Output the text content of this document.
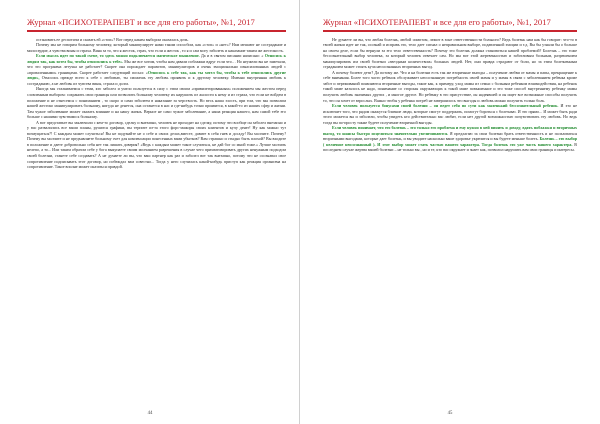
Журнал «ПСИХОТЕРАПЕВТ и все для его работы», №1, 2017

остановить ее деспотизм и сказать ей «стоп»? Вот перед каким выбором оказалась дочь.

Почему мы не говорим больному человеку, который манипулирует нами таким способом, как «стоп» и «нет»? Нам мешают не сострадание и милосердие, а чувства вины и страха. Вина за то, что я жесток, страх, что если я жесток , то я и сам могу заболеть и наказание таким же жестокость.

Если мысль идет по такой схеме, то здесь можно подключается магическое мышление. Да и в святом писании написано: « Относись к людям так, как хотел бы, чтобы относились к тебе». Мы же все хотим, чтобы нам давали поблажки вдруг если что… Но неужели вы не замечали, что это программа летучка не работает? Скорее она порождает паразитов, манипуляторов и очень эмоционально изнасилованных людей с «проваленными» границами. Скорее работает следующий посыл: «Относись к себе так, как ты хотел бы, чтобы к тебе относились другие люди», Относись прежде всего к себе с любовью, ты сможешь эту любовь проявить и к другому человеку. Именно внутренняя любовь к состраданию, а не любовь из чувства вины, страха и долга.

Иногда мы сталкиваемся с теми, кто заболел и умело пользуется в силу с этим своим «привилегированным» положением мы жестом перед словленным выбором: сохранить свои границы или позволить больному человеку их нарушить из жалости к нему и из страха, что если не войдем в положение и не отнесемся с пониманием , то скоро и сами заболеем в наказание за черствость. Но весь наша злость, при том, что мы позволим нашей жестоко манипулировать больному, нигуда не денется, она останется в нас и где-нибудь точно проявится, в какой-то из наших сфер и жизни. Там чужое заболевание может оказать влияние и на нашу жизнь. Верное не само чужое заболевание, а наша реакция нашего, нам самой тебе его больше с нашими чувствами к больному.

А вот представьте вы заключили с кем-то договор, сделку и внезапно, человек не проходит на сделку, потому что вообще он заболел внезапно и у вас развалились все ваши планы, рушатся графики, вы терпите из-за этого форс-мажоры своих клиентов и кучу денег! Ну как можно тут возмущаться?! С каждым может случиться! Вы не подумайте не о себе и своих делах,вместе, давите в себя гнев и досаду! Вы молчите. Почему? Почему вы молчите и не предъявляете больному счет для компенсации понесенных вами убытков? Вам страшно и стыдно быть плохой? Вы входите в положение и даете добровольно себя нет так лишать доверия? «Ведь с каждым может такое случиться, не дай бог со мной тоже.» Лучше молчать нелепо, а то... Или таким образом себе у бога выкупаете своим молчанием разрешения в случае чего прихватизировать других ненужным подходом своей болезни, станете себе создавать? А не думаете ли вы, что ваш партнер как раз и заболел вот так внезапно, потому что не осознавал свое сопротивление подписывать этот договор, но побеждал вам совестно... Тогда у него случилась какой-нибудь приступ как реакция организма на сопротивление. Такое вполне может оказаться правдой.

44
Журнал «ПСИХОТЕРАПЕВТ и все для его работы», №1, 2017

Не думаете ли вы, что любая болезнь, любой симптом, лежит в зоне ответственности больного? Ведь болезнь нам как бы говорит: что-то в твоей жизни идет не так, осознай и исправь это, тело дает сигнал о неправильном выборе, подавленной эмоции и т.д. Вы бы узнали бы о больше на своем деле, если бы вернули за его тело ответственность? Почему это болезнь должна становиться нашей проблемой? Болезнь – это тоже бессознательный выбор человека, за который человек отвечает сам. Но мы вот этой жертвенностью и заботливым больным, разрешением манипулировать им своей болезни «звездным количеством» больных людей. Нет, они правда страдают от боли, но за этим болезненным страданием может стоять куча неосознанных вторичных выгод.

А почему болеют дети? Да потому же. Что и на болезни есть так же вторичные выгоды – получение любви от мамы и папы, прекращение к себе внимания. Более того часто ребенок обслуживает неосознанную потребность своей мамы и у мамы в связи с заболеванием ребенка кроме забот и переживаний появляются вторичные выгоды, такие как, к примеру, уход мамы из семьи с больным ребенком взаимодействия, на ребенок такой маме казалось не надо, понимание со стороны окружающих к такой маме повышенное и это тоже способ внутреннему ребенку мамы получить любовь значимых других , и многое другое. Но ребенку в это присутствие, он надеявшей и он ищет все возможные способы получить то, что он хочет от взрослых. Важно чтобы у ребенка потреб не завершилось что выгоды и любовь можно получить только боль.

Если человек пользуется бонусами своей болезни – он ведет себя по сути как маленький бессознательный ребенок. И это не исключает того, что рядом окажутся близкие люди, которые смогут поддержать, помогут бороться с болезнью. И это прямо... И может быть ради этого можется вы и заболели, чтобы увидеть кто действительно вас любит, если нет другой возможностью почувствовать эту любовь. Но ведь тогда вы по-просту также будете получение вторичной выгоды.

Если человек понимает, что его болезнь – это только его проблема и ему нужно в ней винить и доходу, вдать поблажки и вторичных выгод, то шансы быстро исцелиться значительно увеличиваются. Я предлагаю за свои болезни брать ответственность и не пользоваться вторичными выгодами, которые дает болезнь, и вы увидите насколько ваше здоровье укрепится и вы будете меньше болеть. Болезнь – это выбор ( неличное неосознанный ). И этот выбор может стать частью вашего характера. Тогда болезнь это уже часть вашего характера. В последнем случае жертва вашей болезни – не только вы , но и те, кто вас окружает и знает как, позволил нарушить вам свои границы и интересы.

45
